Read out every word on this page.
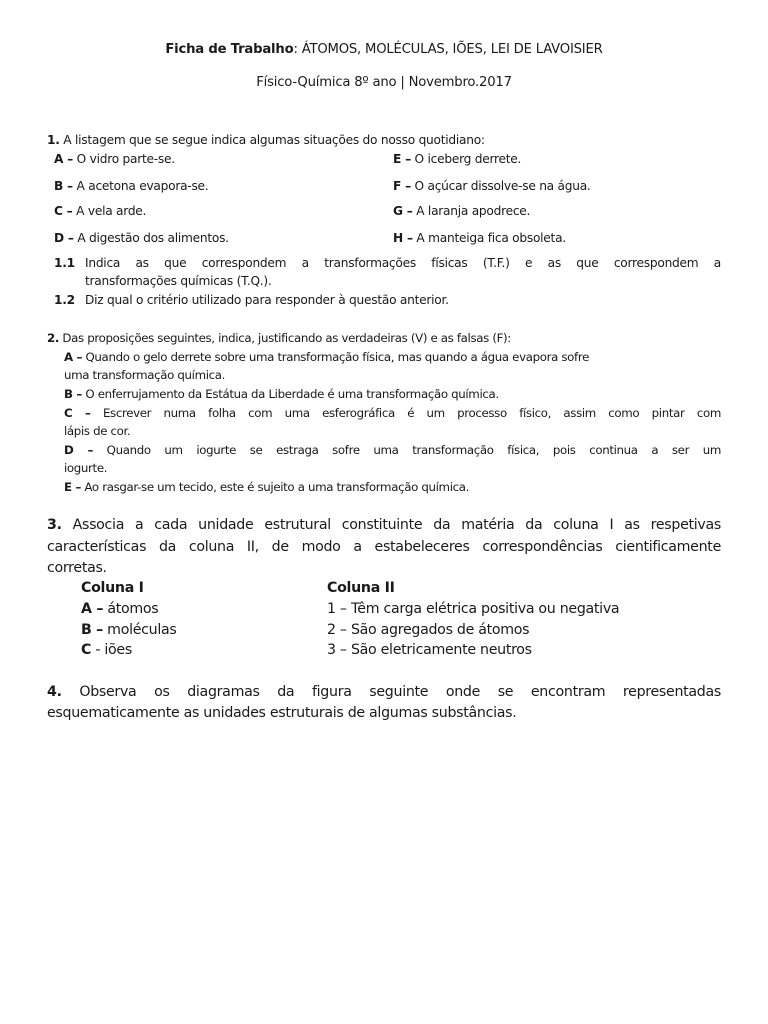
Ficha de Trabalho: ÁTOMOS, MOLÉCULAS, IÕES, LEI DE LAVOISIER
Físico-Química 8º ano | Novembro.2017
1. A listagem que se segue indica algumas situações do nosso quotidiano:
A – O vidro parte-se.
B – A acetona evapora-se.
C – A vela arde.
D – A digestão dos alimentos.
E – O iceberg derrete.
F – O açúcar dissolve-se na água.
G – A laranja apodrece.
H – A manteiga fica obsoleta.
1.1 Indica as que correspondem a transformações físicas (T.F.) e as que correspondem a
transformações químicas (T.Q.).
1.2 Diz qual o critério utilizado para responder à questão anterior.
2. Das proposições seguintes, indica, justificando as verdadeiras (V) e as falsas (F):
A – Quando o gelo derrete sobre uma transformação física, mas quando a água evapora sofre
uma transformação química.
B – O enferrujamento da Estátua da Liberdade é uma transformação química.
C – Escrever numa folha com uma esferográfica é um processo físico, assim como pintar com
lápis de cor.
D – Quando um iogurte se estraga sofre uma transformação física, pois continua a ser um
iogurte.
E – Ao rasgar-se um tecido, este é sujeito a uma transformação química.
3. Associa a cada unidade estrutural constituinte da matéria da coluna I as respetivas
características da coluna II, de modo a estabeleceres correspondências cientificamente
corretas.
Coluna I	Coluna II
A – átomos
B – moléculas
C - iões
1 – Têm carga elétrica positiva ou negativa
2 – São agregados de átomos
3 – São eletricamente neutros
4. Observa os diagramas da figura seguinte onde se encontram representadas
esquematicamente as unidades estruturais de algumas substâncias.
